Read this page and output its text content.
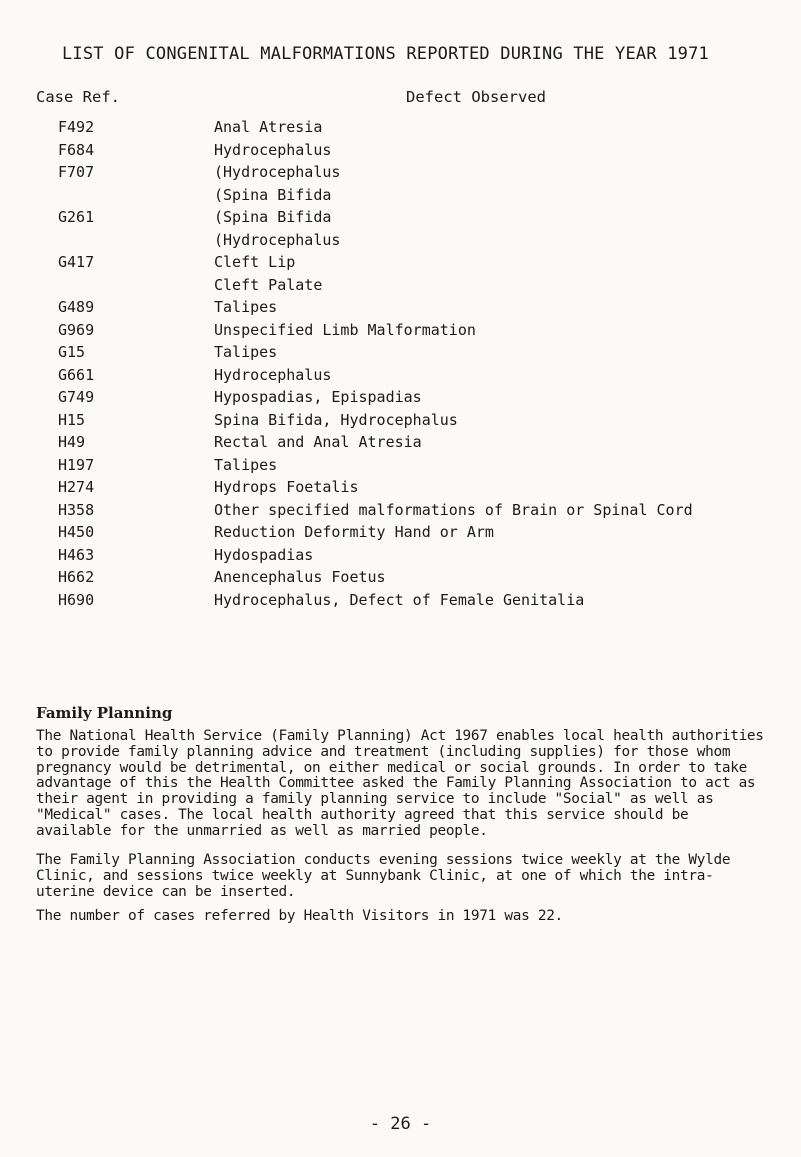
LIST OF CONGENITAL MALFORMATIONS REPORTED DURING THE YEAR 1971
Case Ref.	Defect Observed
F492	Anal Atresia
F684	Hydrocephalus
F707	(Hydrocephalus
(Spina Bifida
G261	(Spina Bifida
(Hydrocephalus
G417	Cleft Lip
Cleft Palate
G489	Talipes
G969	Unspecified Limb Malformation
G15	Talipes
G661	Hydrocephalus
G749	Hypospadias, Epispadias
H15	Spina Bifida, Hydrocephalus
H49	Rectal and Anal Atresia
H197	Talipes
H274	Hydrops Foetalis
H358	Other specified malformations of Brain or Spinal Cord
H450	Reduction Deformity Hand or Arm
H463	Hydospadias
H662	Anencephalus Foetus
H690	Hydrocephalus, Defect of Female Genitalia
Family Planning

The National Health Service (Family Planning) Act 1967 enables local health authorities to provide family planning advice and treatment (including supplies) for those whom pregnancy would be detrimental, on either medical or social grounds. In order to take advantage of this the Health Committee asked the Family Planning Association to act as their agent in providing a family planning service to include "Social" as well as "Medical" cases. The local health authority agreed that this service should be available for the unmarried as well as married people.

The Family Planning Association conducts evening sessions twice weekly at the Wylde Clinic, and sessions twice weekly at Sunnybank Clinic, at one of which the intra-uterine device can be inserted.

The number of cases referred by Health Visitors in 1971 was 22.

- 26 -
